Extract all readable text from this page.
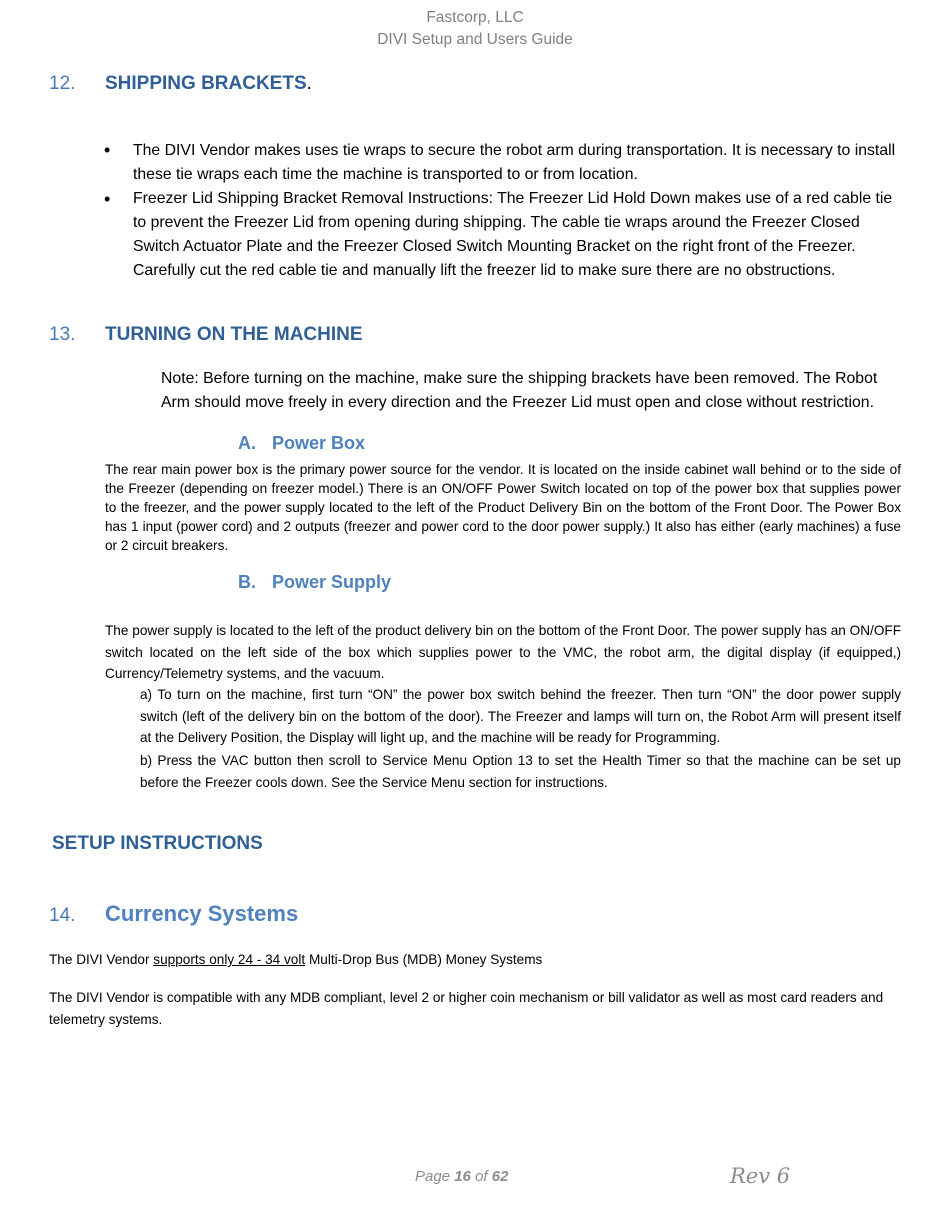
Fastcorp, LLC
DIVI Setup and Users Guide
12. SHIPPING BRACKETS.
• The DIVI Vendor makes uses tie wraps to secure the robot arm during transportation. It is necessary to install these tie wraps each time the machine is transported to or from location.
• Freezer Lid Shipping Bracket Removal Instructions: The Freezer Lid Hold Down makes use of a red cable tie to prevent the Freezer Lid from opening during shipping. The cable tie wraps around the Freezer Closed Switch Actuator Plate and the Freezer Closed Switch Mounting Bracket on the right front of the Freezer. Carefully cut the red cable tie and manually lift the freezer lid to make sure there are no obstructions.
13. TURNING ON THE MACHINE
Note: Before turning on the machine, make sure the shipping brackets have been removed. The Robot Arm should move freely in every direction and the Freezer Lid must open and close without restriction.
A. Power Box
The rear main power box is the primary power source for the vendor. It is located on the inside cabinet wall behind or to the side of the Freezer (depending on freezer model.) There is an ON/OFF Power Switch located on top of the power box that supplies power to the freezer, and the power supply located to the left of the Product Delivery Bin on the bottom of the Front Door. The Power Box has 1 input (power cord) and 2 outputs (freezer and power cord to the door power supply.) It also has either (early machines) a fuse or 2 circuit breakers.
B. Power Supply
The power supply is located to the left of the product delivery bin on the bottom of the Front Door. The power supply has an ON/OFF switch located on the left side of the box which supplies power to the VMC, the robot arm, the digital display (if equipped,) Currency/Telemetry systems, and the vacuum.
a) To turn on the machine, first turn “ON” the power box switch behind the freezer. Then turn “ON” the door power supply switch (left of the delivery bin on the bottom of the door). The Freezer and lamps will turn on, the Robot Arm will present itself at the Delivery Position, the Display will light up, and the machine will be ready for Programming.
b) Press the VAC button then scroll to Service Menu Option 13 to set the Health Timer so that the machine can be set up before the Freezer cools down. See the Service Menu section for instructions.
SETUP INSTRUCTIONS
14. Currency Systems
The DIVI Vendor supports only 24 - 34 volt Multi-Drop Bus (MDB) Money Systems
The DIVI Vendor is compatible with any MDB compliant, level 2 or higher coin mechanism or bill validator as well as most card readers and telemetry systems.
Page 16 of 62	Rev 6
